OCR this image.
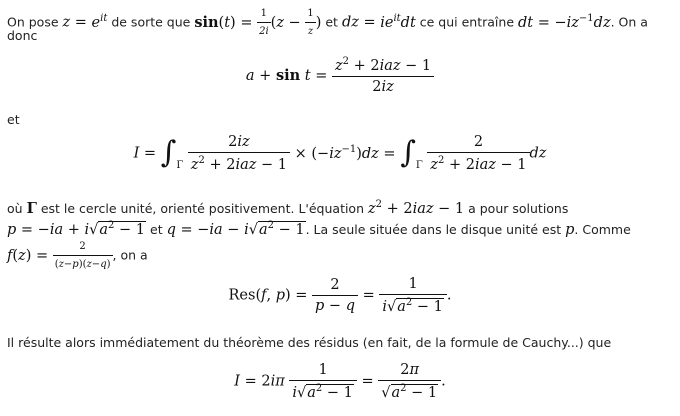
On pose $z = e^{it}$ de sorte que $\sin(t) = \frac{1}{2i} (z - \frac{1}{z}$ ) et dz = $ie^{it}dt$ ce qui entraîne dt = $-iz^{-1}dz$. On a
donc
$a + \sin t = \frac{z^2 + 2iaz - 1}{2iz}$
et
$I = \int_\Gamma \frac{2iz}{z^2 + 2iaz - 1} \times (-iz^{-1})dz = \int_\Gamma \frac{2}{z^2 + 2iaz - 1}$ dz
où Γ est le cercle unité, orienté positivement. L'équation $z^2 + 2iaz - 1$ a pour solutions
$p = -ia + i√a^2 - 1$ et $q = -ia - i√a^2 - 1$. La seule située dans le disque unité est p. Comme
$f(z) = \frac{2}{(z-p)(z-q)}$ , on a
Res(f, $p) = \frac{2}{p - q} = \frac{1}{i√a^2 - 1}$ .
Il résulte alors immédiatement du théorème des résidus (en fait, de la formule de Cauchy...) que
$I = 2i\pi \frac{1}{i√a^2 - 1} = \frac{2\pi}{√a^2 - 1}$ .
